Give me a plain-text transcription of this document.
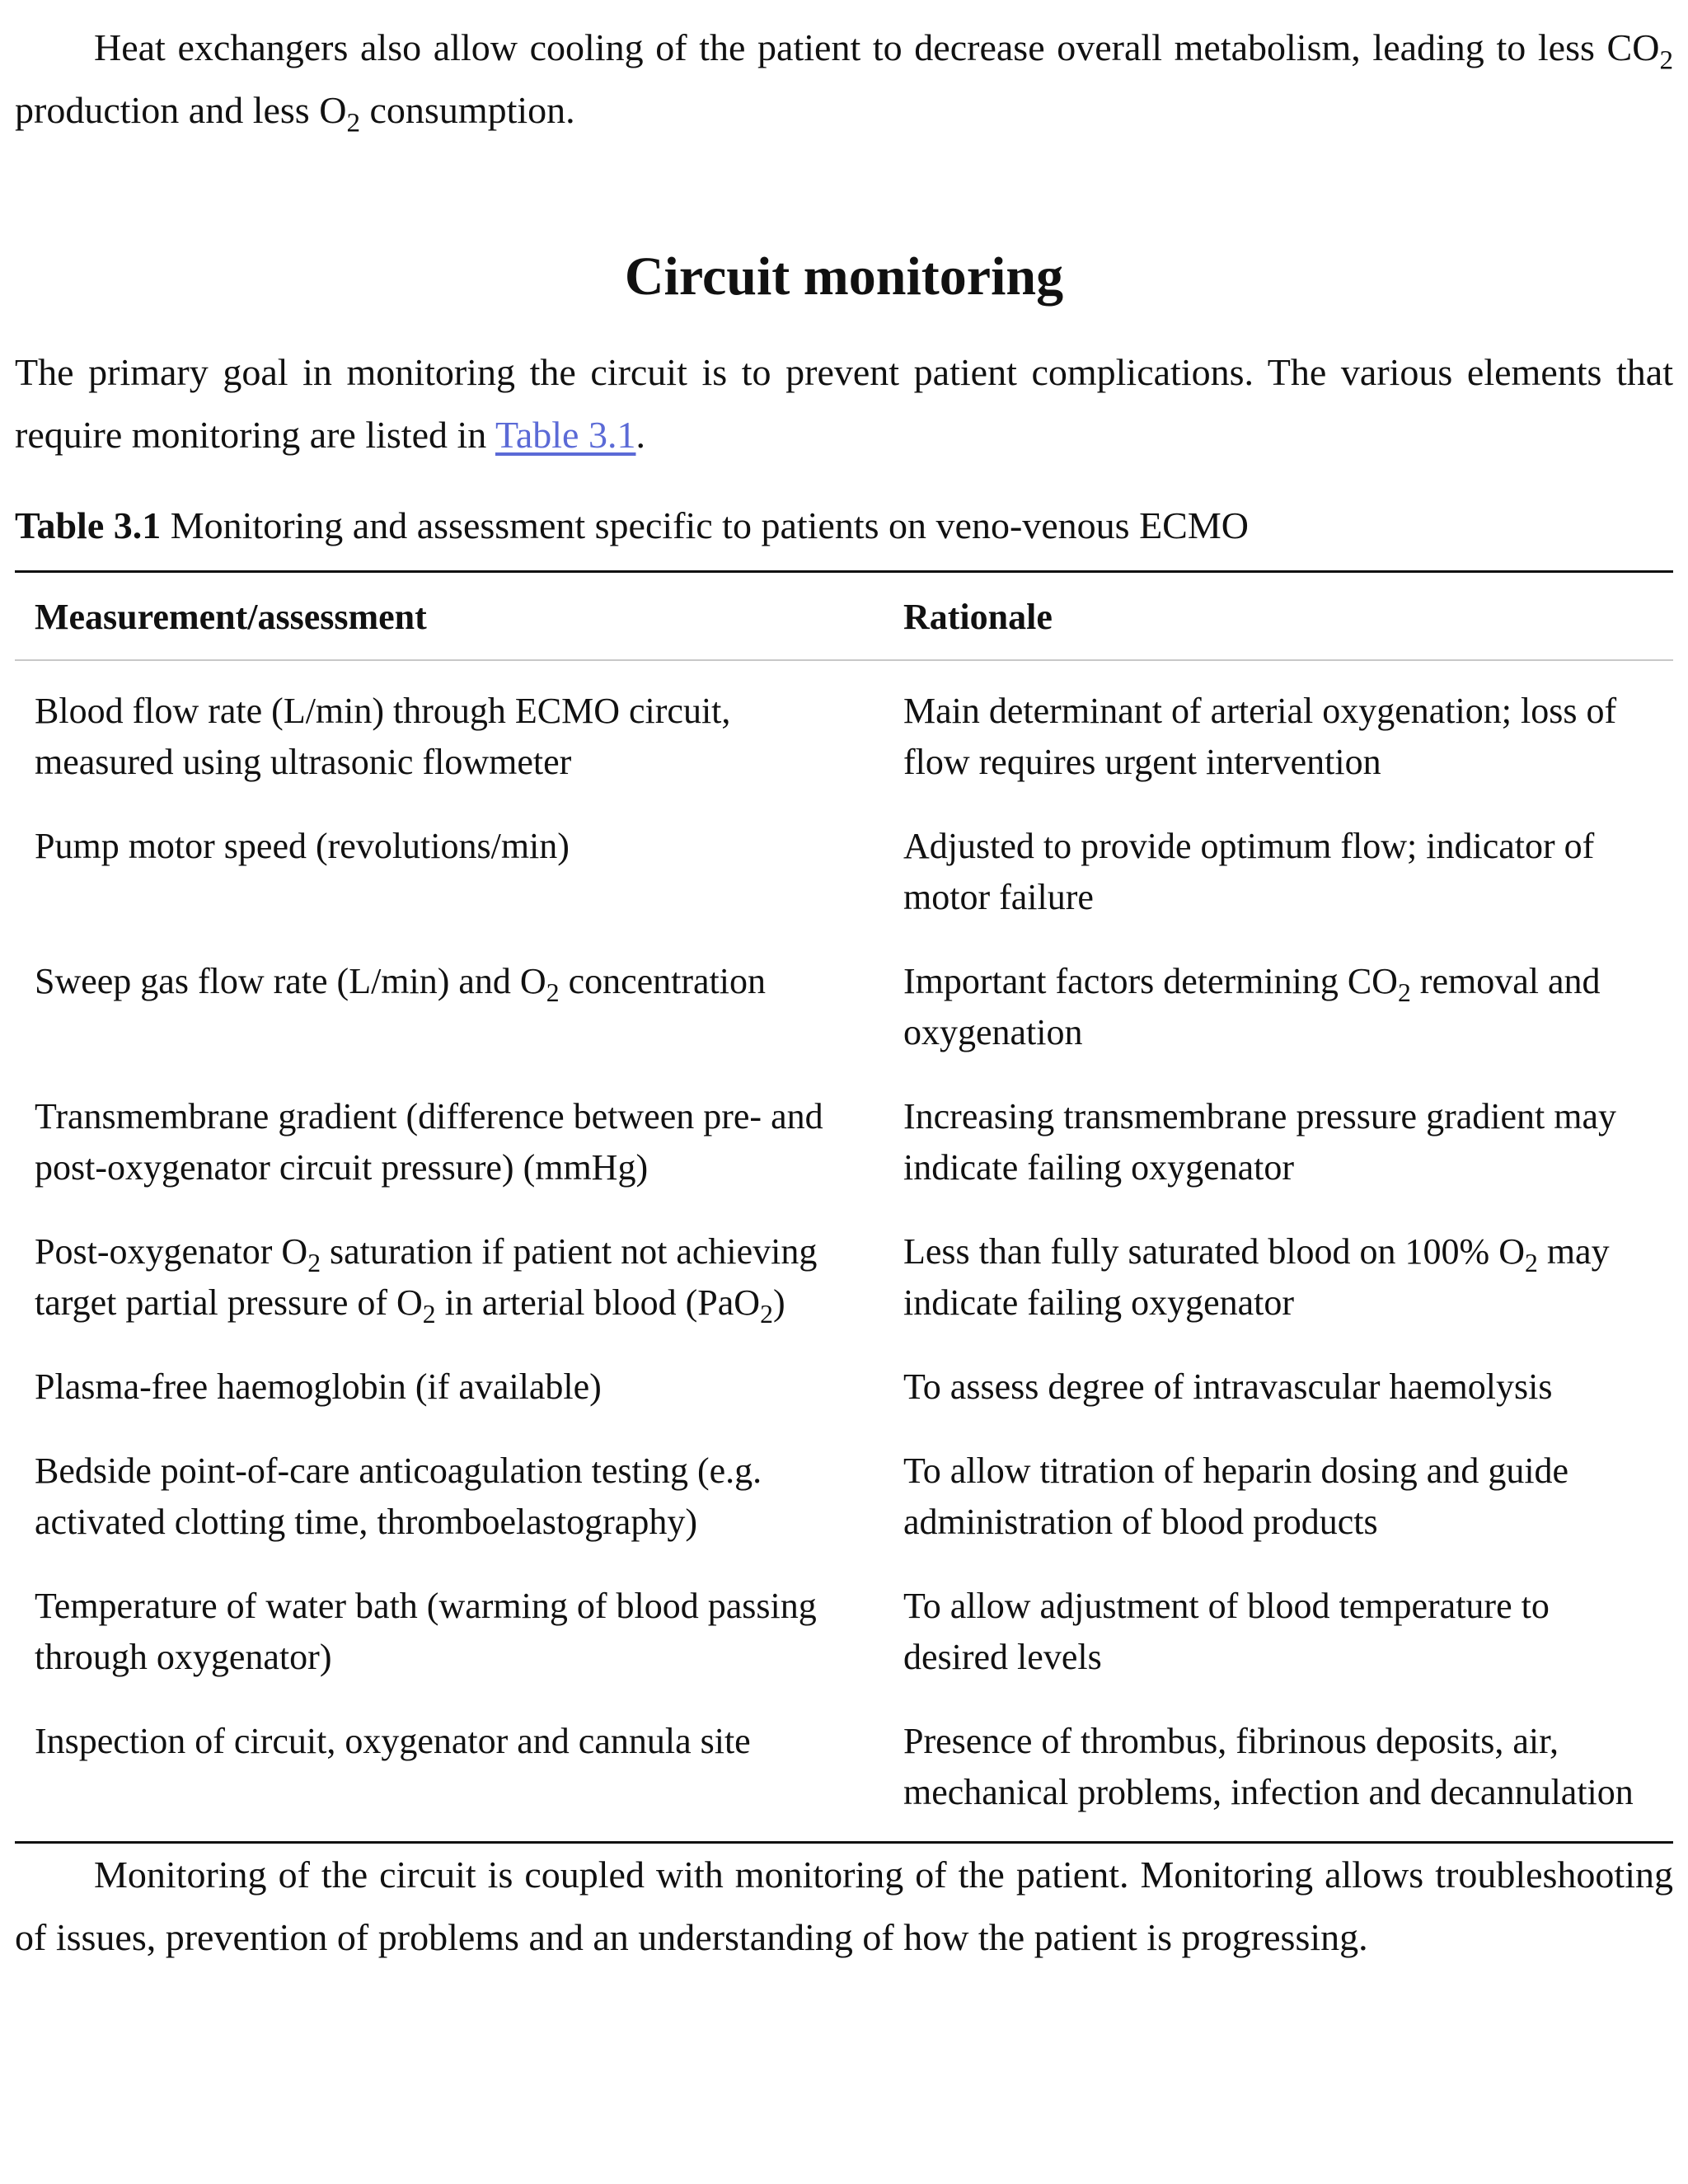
Heat exchangers also allow cooling of the patient to decrease overall metabolism, leading to less $CO_2$ production and less $O_2$ consumption.

Circuit monitoring

The primary goal in monitoring the circuit is to prevent patient complications. The various elements that require monitoring are listed in Table 3.1.

Table 3.1 Monitoring and assessment specific to patients on veno-venous ECMO

Measurement/assessment	Rationale
Blood flow rate (L/min) through ECMO circuit, measured using ultrasonic flowmeter	Main determinant of arterial oxygenation; loss of flow requires urgent intervention
Pump motor speed (revolutions/min)	Adjusted to provide optimum flow; indicator of motor failure
Sweep gas flow rate (L/min) and $O_2$ concentration	Important factors determining $CO_2$ removal and oxygenation
Transmembrane gradient (difference between pre- and post-oxygenator circuit pressure) (mmHg)	Increasing transmembrane pressure gradient may indicate failing oxygenator
Post-oxygenator $O_2$ saturation if patient not achieving target partial pressure of $O_2$ in arterial blood (PaO$_2$)	Less than fully saturated blood on 100% $O_2$ may indicate failing oxygenator
Plasma-free haemoglobin (if available)	To assess degree of intravascular haemolysis
Bedside point-of-care anticoagulation testing (e.g. activated clotting time, thromboelastography)	To allow titration of heparin dosing and guide administration of blood products
Temperature of water bath (warming of blood passing through oxygenator)	To allow adjustment of blood temperature to desired levels
Inspection of circuit, oxygenator and cannula site	Presence of thrombus, fibrinous deposits, air, mechanical problems, infection and decannulation

Monitoring of the circuit is coupled with monitoring of the patient. Monitoring allows troubleshooting of issues, prevention of problems and an understanding of how the patient is progressing.
